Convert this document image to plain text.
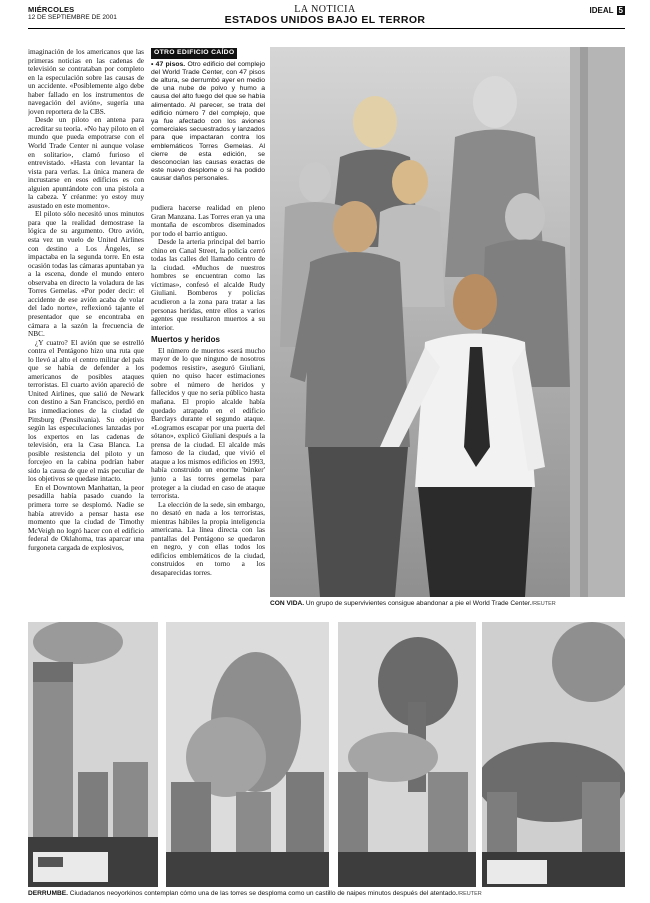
MIÉRCOLES
12 DE SEPTIEMBRE DE 2001
LA NOTICIA
ESTADOS UNIDOS BAJO EL TERROR
IDEAL 5

imaginación de los americanos que las primeras noticias en las cadenas de televisión se contrataban por completo en la especulación sobre las causas de un accidente. «Posiblemente algo debe haber fallado en los instrumentos de navegación del avión», sugería una joven reportera de la CBS.

Desde un piloto en antena para acreditar su teoría. «No hay piloto en el mundo que pueda empotrarse con el World Trade Center ni aunque volase en solitario», clamó furioso el entrevistado. «Hasta con levantar la vista para verlas. La única manera de incrustarse en esos edificios es con alguien apuntándote con una pistola a la cabeza. Y créanme: yo estoy muy asustado en este momento».

El piloto sólo necesitó unos minutos para que la realidad demostrase la lógica de su argumento. Otro avión, esta vez un vuelo de United Airlines con destino a Los Ángeles, se impactaba en la segunda torre. En esta ocasión todas las cámaras apuntaban ya a la escena, donde el mundo entero observaba en directo la voladura de las Torres Gemelas. «Por poder decir: el accidente de ese avión acaba de volar del lado norte», reflexionó tajante el presentador que se encontraba en cámara a la sazón la frecuencia de NBC.

¿Y cuatro? El avión que se estrelló contra el Pentágono hizo una ruta que lo llevó al alto el centro militar del país que se había de defender a los americanos de posibles ataques terroristas. El cuarto avión apareció de United Airlines, que salió de Newark con destino a San Francisco, perdió en las inmediaciones de la ciudad de Pittsburg (Pensilvania). Su objetivo según las especulaciones lanzadas por los expertos en las cadenas de televisión, era la Casa Blanca. La posible resistencia del piloto y un forcejeo en la cabina podrían haber sido la causa de que el más peculiar de los objetivos se quedase intacto.

En el Downtown Manhattan, la peor pesadilla había pasado cuando la primera torre se desplomó. Nadie se había atrevido a pensar hasta ese momento que la ciudad de Timothy McVeigh no logró hacer con el edificio federal de Oklahoma, tras aparcar una furgoneta cargada de explosivos,

OTRO EDIFICIO CAÍDO
• 47 pisos. Otro edificio del complejo del World Trade Center, con 47 pisos de altura, se derrumbó ayer en medio de una nube de polvo y humo a causa del alto fuego del que se había alimentado. Al parecer, se trata del edificio número 7 del complejo, que ya fue afectado con los aviones comerciales secuestrados y lanzados para que impactaran contra los emblemáticos Torres Gemelas. Al cierre de esta edición, se desconocían las causas exactas de este nuevo desplome o si ha podido causar daños personales.

pudiera hacerse realidad en pleno Gran Manzana. Las Torres eran ya una montaña de escombros diseminados por todo el barrio antiguo.

Desde la arteria principal del barrio chino en Canal Street, la policía cerró todas las calles del llamado centro de la ciudad. «Muchos de nuestros hombres se encuentran como las víctimas», confesó el alcalde Rudy Giuliani. Bomberos y policías acudieron a la zona para tratar a las personas heridas, entre ellos a varios agentes que resultaron muertos a su interior.

Muertos y heridos

El número de muertos «será mucho mayor de lo que ninguno de nosotros podemos resistir», aseguró Giuliani, quien no quiso hacer estimaciones sobre el número de heridos y fallecidos y que no sería público hasta mañana. El propio alcalde había quedado atrapado en el edificio Barclays durante el segundo ataque. «Logramos escapar por una puerta del sótano», explicó Giuliani después a la prensa de la ciudad. El alcalde más famoso de la ciudad, que vivió el ataque a los mismos edificios en 1993, había construido un enorme 'búnker' junto a las torres gemelas para proteger a la ciudad en caso de ataque terrorista.

La elección de la sede, sin embargo, no desató en nada a los terroristas, mientras hábiles la propia inteligencia americana. La línea directa con las pantallas del Pentágono se quedaron en negro, y con ellas todos los edificios emblemáticos de la ciudad, construidos en torno a los desaparecidas torres.

CON VIDA. Un grupo de supervivientes consigue abandonar a pie el World Trade Center./REUTER
DERRUMBE. Ciudadanos neoyorkinos contemplan cómo una de las torres se desploma como un castillo de naipes minutos después del atentado./REUTER
